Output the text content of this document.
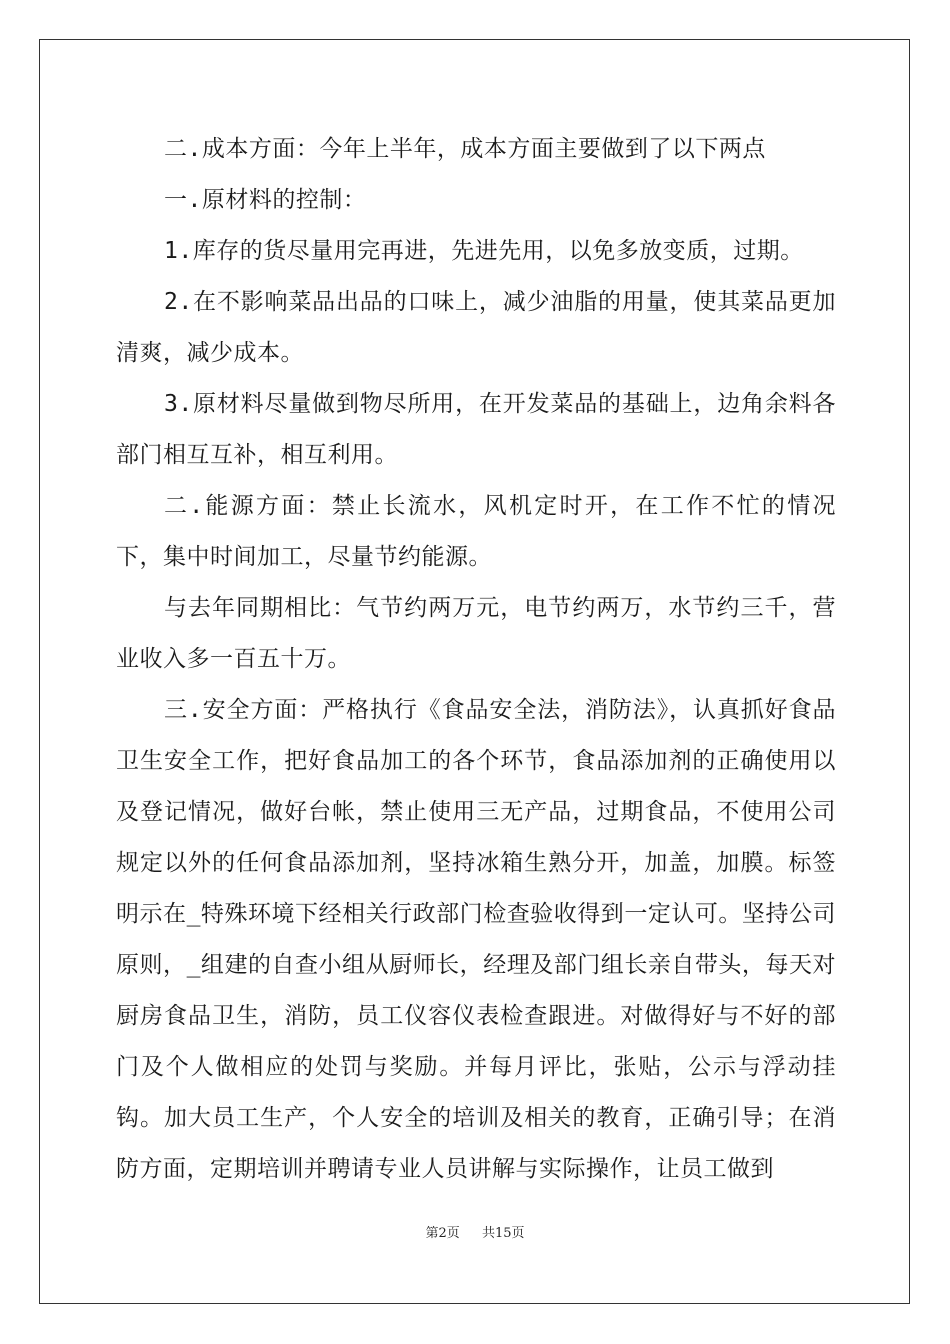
二.成本方面：今年上半年，成本方面主要做到了以下两点

一.原材料的控制：

1.库存的货尽量用完再进，先进先用，以免多放变质，过期。

2.在不影响菜品出品的口味上，减少油脂的用量，使其菜品更加清爽，减少成本。

3.原材料尽量做到物尽所用，在开发菜品的基础上，边角余料各部门相互互补，相互利用。

二.能源方面：禁止长流水，风机定时开，在工作不忙的情况下，集中时间加工，尽量节约能源。

与去年同期相比：气节约两万元，电节约两万，水节约三千，营业收入多一百五十万。

三.安全方面：严格执行《食品安全法，消防法》，认真抓好食品卫生安全工作，把好食品加工的各个环节，食品添加剂的正确使用以及登记情况，做好台帐，禁止使用三无产品，过期食品，不使用公司规定以外的任何食品添加剂，坚持冰箱生熟分开，加盖，加膜。标签明示在_特殊环境下经相关行政部门检查验收得到一定认可。坚持公司原则，_组建的自查小组从厨师长，经理及部门组长亲自带头，每天对厨房食品卫生，消防，员工仪容仪表检查跟进。对做得好与不好的部门及个人做相应的处罚与奖励。并每月评比，张贴，公示与浮动挂钩。加大员工生产，个人安全的培训及相关的教育，正确引导；在消防方面，定期培训并聘请专业人员讲解与实际操作，让员工做到

第2页 共15页
